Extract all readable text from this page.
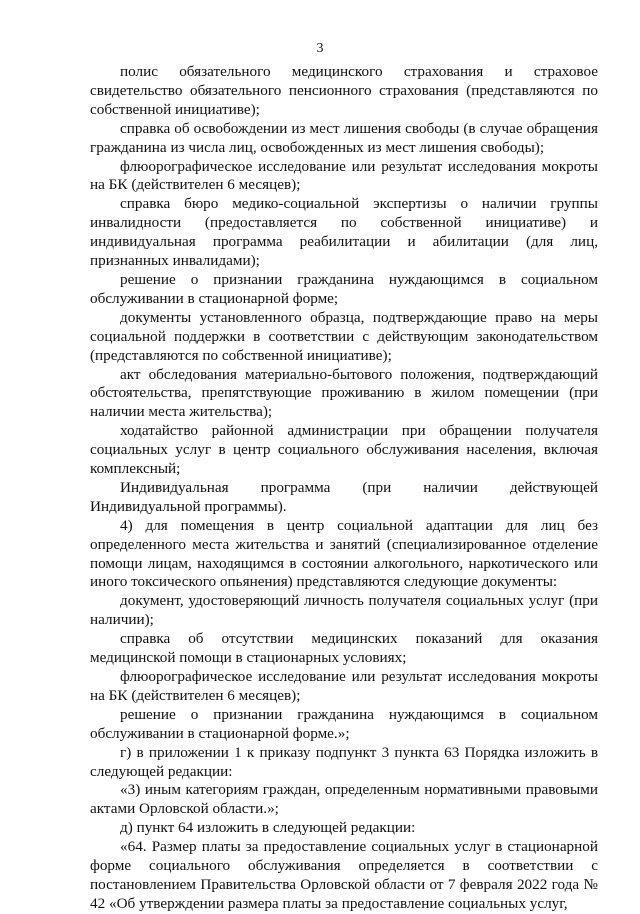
3

полис обязательного медицинского страхования и страховое свидетельство обязательного пенсионного страхования (представляются по собственной инициативе);

справка об освобождении из мест лишения свободы (в случае обращения гражданина из числа лиц, освобожденных из мест лишения свободы);

флюорографическое исследование или результат исследования мокроты на БК (действителен 6 месяцев);

справка бюро медико-социальной экспертизы о наличии группы инвалидности (предоставляется по собственной инициативе) и индивидуальная программа реабилитации и абилитации (для лиц, признанных инвалидами);

решение о признании гражданина нуждающимся в социальном обслуживании в стационарной форме;

документы установленного образца, подтверждающие право на меры социальной поддержки в соответствии с действующим законодательством (представляются по собственной инициативе);

акт обследования материально-бытового положения, подтверждающий обстоятельства, препятствующие проживанию в жилом помещении (при наличии места жительства);

ходатайство районной администрации при обращении получателя социальных услуг в центр социального обслуживания населения, включая комплексный;

Индивидуальная программа (при наличии действующей Индивидуальной программы).

4) для помещения в центр социальной адаптации для лиц без определенного места жительства и занятий (специализированное отделение помощи лицам, находящимся в состоянии алкогольного, наркотического или иного токсического опьянения) представляются следующие документы:

документ, удостоверяющий личность получателя социальных услуг (при наличии);

справка об отсутствии медицинских показаний для оказания медицинской помощи в стационарных условиях;

флюорографическое исследование или результат исследования мокроты на БК (действителен 6 месяцев);

решение о признании гражданина нуждающимся в социальном обслуживании в стационарной форме.»;

г) в приложении 1 к приказу подпункт 3 пункта 63 Порядка изложить в следующей редакции:

«3) иным категориям граждан, определенным нормативными правовыми актами Орловской области.»;

д) пункт 64 изложить в следующей редакции:

«64. Размер платы за предоставление социальных услуг в стационарной форме социального обслуживания определяется в соответствии с постановлением Правительства Орловской области от 7 февраля 2022 года № 42 «Об утверждении размера платы за предоставление социальных услуг,
